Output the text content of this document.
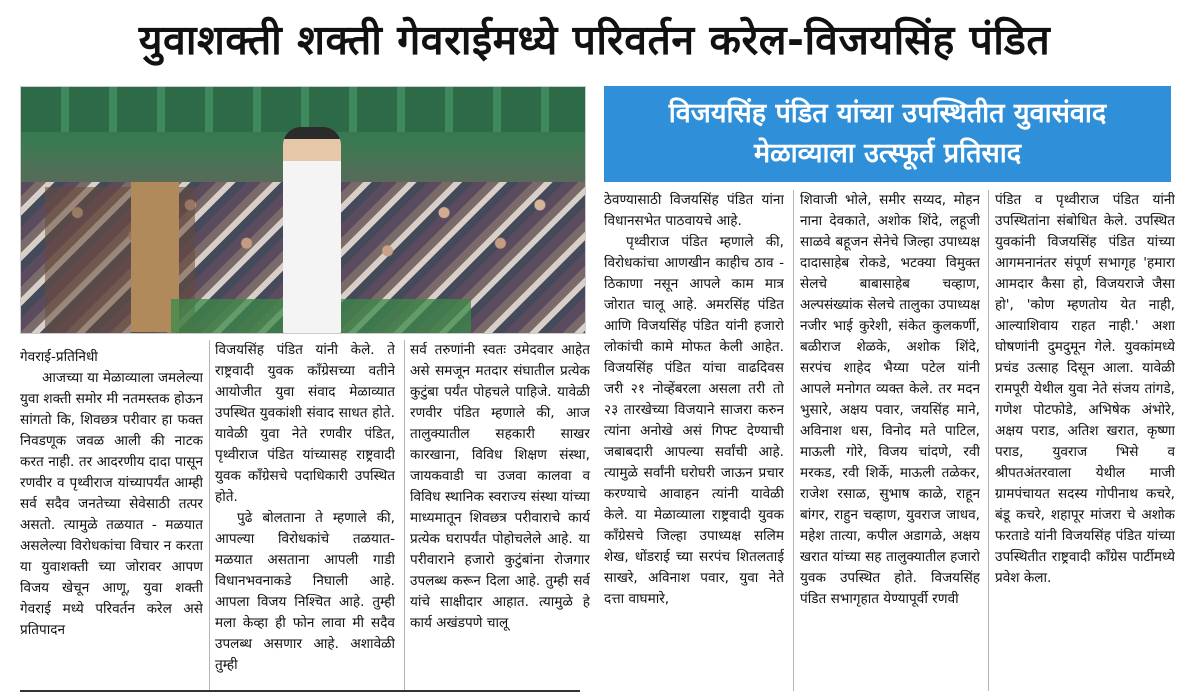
युवाशक्ती शक्ती गेवराईमध्ये परिवर्तन करेल-विजयसिंह पंडित
विजयसिंह पंडित यांच्या उपस्थितीत युवासंवाद
मेळाव्याला उत्स्फूर्त प्रतिसाद

गेवराई-प्रतिनिधी

आजच्या या मेळाव्याला जमलेल्या युवा शक्ती समोर मी नतमस्तक होऊन सांगतो कि, शिवछत्र परीवार हा फक्त निवडणूक जवळ आली की नाटक करत नाही. तर आदरणीय दादा पासून रणवीर व पृथ्वीराज यांच्यापर्यंत आम्ही सर्व सदैव जनतेच्या सेवेसाठी तत्पर असतो. त्यामुळे तळयात - मळयात असलेल्या विरोधकांचा विचार न करता या युवाशक्ती च्या जोरावर आपण विजय खेचून आणू, युवा शक्ती गेवराई मध्ये परिवर्तन करेल असे प्रतिपादन

विजयसिंह पंडित यांनी केले. ते राष्ट्रवादी युवक कॉंग्रेसच्या वतीने आयोजीत युवा संवाद मेळाव्यात उपस्थित युवकांशी संवाद साधत होते. यावेळी युवा नेते रणवीर पंडित, पृथ्वीराज पंडित यांच्यासह राष्ट्रवादी युवक कॉंग्रेसचे पदाधिकारी उपस्थित होते.

पुढे बोलताना ते म्हणाले की, आपल्या विरोधकांचे तळयात- मळयात असताना आपली गाडी विधानभवनाकडे निघाली आहे. आपला विजय निश्चित आहे. तुम्ही मला केव्हा ही फोन लावा मी सदैव उपलब्ध असणार आहे. अशावेळी तुम्ही

सर्व तरुणांनी स्वतः उमेदवार आहेत असे समजून मतदार संघातील प्रत्येक कुटुंबा पर्यंत पोहचले पाहिजे. यावेळी रणवीर पंडित म्हणाले की, आज तालुक्यातील सहकारी साखर कारखाना, विविध शिक्षण संस्था, जायकवाडी चा उजवा कालवा व विविध स्थानिक स्वराज्य संस्था यांच्या माध्यमातून शिवछत्र परीवाराचे कार्य प्रत्येक घरापर्यंत पोहोचलेले आहे. या परीवाराने हजारो कुटुंबांना रोजगार उपलब्ध करून दिला आहे. तुम्ही सर्व यांचे साक्षीदार आहात. त्यामुळे हे कार्य अखंडपणे चालू

ठेवण्यासाठी विजयसिंह पंडित यांना विधानसभेत पाठवायचे आहे.

पृथ्वीराज पंडित म्हणाले की, विरोधकांचा आणखीन काहीच ठाव - ठिकाणा नसून आपले काम मात्र जोरात चालू आहे. अमरसिंह पंडित आणि विजयसिंह पंडित यांनी हजारो लोकांची कामे मोफत केली आहेत. विजयसिंह पंडित यांचा वाढदिवस जरी २१ नोव्हेंबरला असला तरी तो २३ तारखेच्या विजयाने साजरा करुन त्यांना अनोखे असं गिफ्ट देण्याची जबाबदारी आपल्या सर्वांची आहे. त्यामुळे सर्वांनी घरोघरी जाऊन प्रचार करण्याचे आवाहन त्यांनी यावेळी केले. या मेळाव्याला राष्ट्रवादी युवक कॉंग्रेसचे जिल्हा उपाध्यक्ष सलिम शेख, धोंडराई च्या सरपंच शितलताई साखरे, अविनाश पवार, युवा नेते दत्ता वाघमारे,

शिवाजी भोले, समीर सय्यद, मोहन नाना देवकाते, अशोक शिंदे, लहूजी साळवे बहूजन सेनेचे जिल्हा उपाध्यक्ष दादासाहेब रोकडे, भटक्या विमुक्त सेलचे बाबासाहेब चव्हाण, अल्पसंख्यांक सेलचे तालुका उपाध्यक्ष नजीर भाई कुरेशी, संकेत कुलकर्णी, बळीराज शेळके, अशोक शिंदे, सरपंच शाहेद भैय्या पटेल यांनी आपले मनोगत व्यक्त केले. तर मदन भुसारे, अक्षय पवार, जयसिंह माने, अविनाश धस, विनोद मते पाटिल, माऊली गोरे, विजय चांदणे, रवी मरकड, रवी शिर्के, माऊली तळेकर, राजेश रसाळ, सुभाष काळे, राहून बांगर, राहुन चव्हाण, युवराज जाधव, महेश तात्या, कपील अडागळे, अक्षय खरात यांच्या सह तालुक्यातील हजारो युवक उपस्थित होते. विजयसिंह पंडित सभागृहात येण्यापूर्वी रणवी

पंडित व पृथ्वीराज पंडित यांनी उपस्थितांना संबोधित केले. उपस्थित युवकांनी विजयसिंह पंडित यांच्या आगमनानंतर संपूर्ण सभागृह 'हमारा आमदार कैसा हो, विजयराजे जैसा हो', 'कोण म्हणतोय येत नाही, आल्याशिवाय राहत नाही.' अशा घोषणांनी दुमदुमून गेले. युवकांमध्ये प्रचंड उत्साह दिसून आला. यावेळी रामपूरी येथील युवा नेते संजय तांगडे, गणेश पोटफोडे, अभिषेक अंभोरे, अक्षय पराड, अतिश खरात, कृष्णा पराड, युवराज भिसे व श्रीपतअंतरवाला येथील माजी ग्रामपंचायत सदस्य गोपीनाथ कचरे, बंडू कचरे, शहापूर मांजरा चे अशोक फरताडे यांनी विजयसिंह पंडित यांच्या उपस्थितीत राष्ट्रवादी कॉंग्रेस पार्टीमध्ये प्रवेश केला.
